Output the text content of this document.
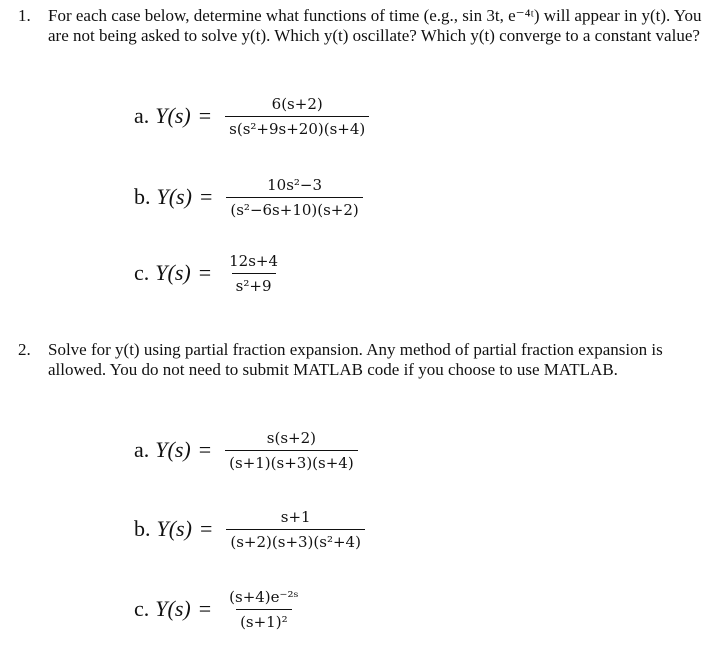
1. For each case below, determine what functions of time (e.g., sin 3t, e⁻⁴ᵗ) will appear in y(t). You are not being asked to solve y(t). Which y(t) oscillate? Which y(t) converge to a constant value?
a. $Y(s) = \frac{6(s+2)}{\text{s(s²+9s+20)(s+4)}}$
b. $Y(s) = \frac{\text{10s²−3}}{\text{(s²−6s+10)(s+2)}}$
c. $Y(s) = \frac{12s+4}{\text{s²+9}}$
2. Solve for y(t) using partial fraction expansion. Any method of partial fraction expansion is allowed. You do not need to submit MATLAB code if you choose to use MATLAB.
a. $Y(s) = \frac{s(s+2)}{(s+1)(s+3)(s+4)}$
b. $Y(s) = \frac{s+1}{\text{(s+2)(s+3)(s²+4)}}$
c. $Y(s) = \frac{\text{(s+4)e⁻²ˢ}}{\text{(s+1)²}}$
